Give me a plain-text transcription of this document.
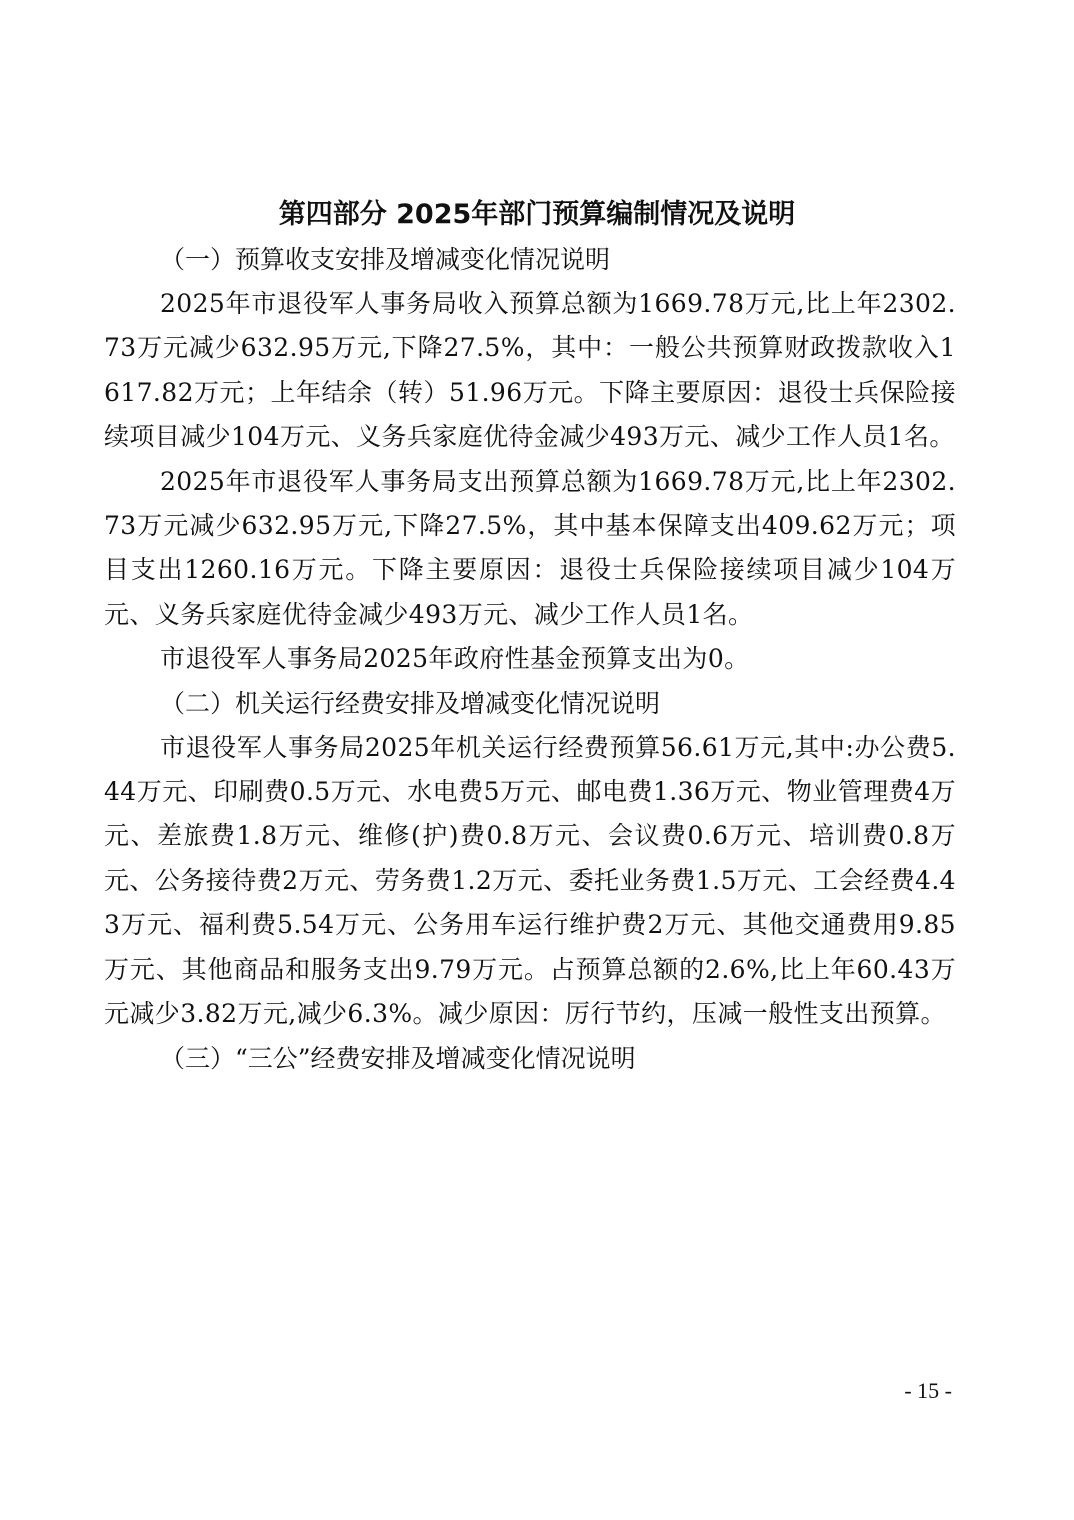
第四部分 2025年部门预算编制情况及说明

（一）预算收支安排及增减变化情况说明

2025年市退役军人事务局收入预算总额为1669.78万元,比上年2302.73万元减少632.95万元,下降27.5%，其中：一般公共预算财政拨款收入1617.82万元；上年结余（转）51.96万元。下降主要原因：退役士兵保险接续项目减少104万元、义务兵家庭优待金减少493万元、减少工作人员1名。

2025年市退役军人事务局支出预算总额为1669.78万元,比上年2302.73万元减少632.95万元,下降27.5%，其中基本保障支出409.62万元；项目支出1260.16万元。下降主要原因：退役士兵保险接续项目减少104万元、义务兵家庭优待金减少493万元、减少工作人员1名。

市退役军人事务局2025年政府性基金预算支出为0。

（二）机关运行经费安排及增减变化情况说明

市退役军人事务局2025年机关运行经费预算56.61万元,其中:办公费5.44万元、印刷费0.5万元、水电费5万元、邮电费1.36万元、物业管理费4万元、差旅费1.8万元、维修(护)费0.8万元、会议费0.6万元、培训费0.8万元、公务接待费2万元、劳务费1.2万元、委托业务费1.5万元、工会经费4.43万元、福利费5.54万元、公务用车运行维护费2万元、其他交通费用9.85万元、其他商品和服务支出9.79万元。占预算总额的2.6%,比上年60.43万元减少3.82万元,减少6.3%。减少原因：厉行节约，压减一般性支出预算。

（三）“三公”经费安排及增减变化情况说明

- 15 -
